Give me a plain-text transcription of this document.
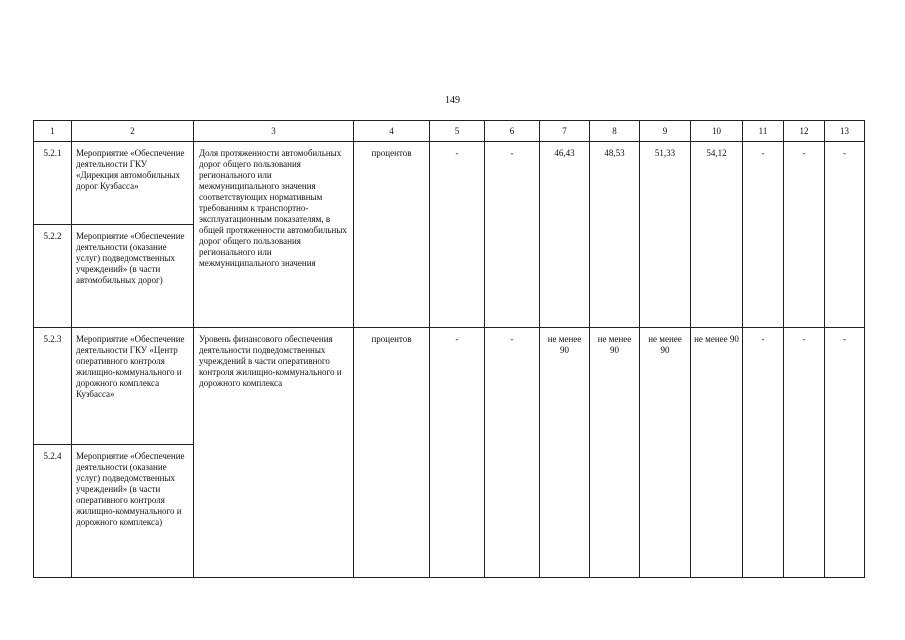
149
1	2	3	4	5	6	7	8	9	10	11	12	13
5.2.1	Мероприятие «Обеспечение деятельности ГКУ «Дирекция автомобильных дорог Кузбасса»	Доля протяженности автомобильных дорог общего пользования регионального или межмуниципального значения соответствующих нормативным требованиям к транспортно-эксплуатационным показателям, в общей протяженности автомобильных дорог общего пользования регионального или межмуниципального значения	процентов	-	-	46,43	48,53	51,33	54,12	-	-	-
5.2.2	Мероприятие «Обеспечение деятельности (оказание услуг) подведомственных учреждений» (в части автомобильных дорог)											
5.2.3	Мероприятие «Обеспечение деятельности ГКУ «Центр оперативного контроля жилищно-коммунального и дорожного комплекса Кузбасса»	Уровень финансового обеспечения деятельности подведомственных учреждений в части оперативного контроля жилищно-коммунального и дорожного комплекса	процентов	-	-	не менее 90	не менее 90	не менее 90	не менее 90	-	-	-
5.2.4	Мероприятие «Обеспечение деятельности (оказание услуг) подведомственных учреждений» (в части оперативного контроля жилищно-коммунального и дорожного комплекса)											
